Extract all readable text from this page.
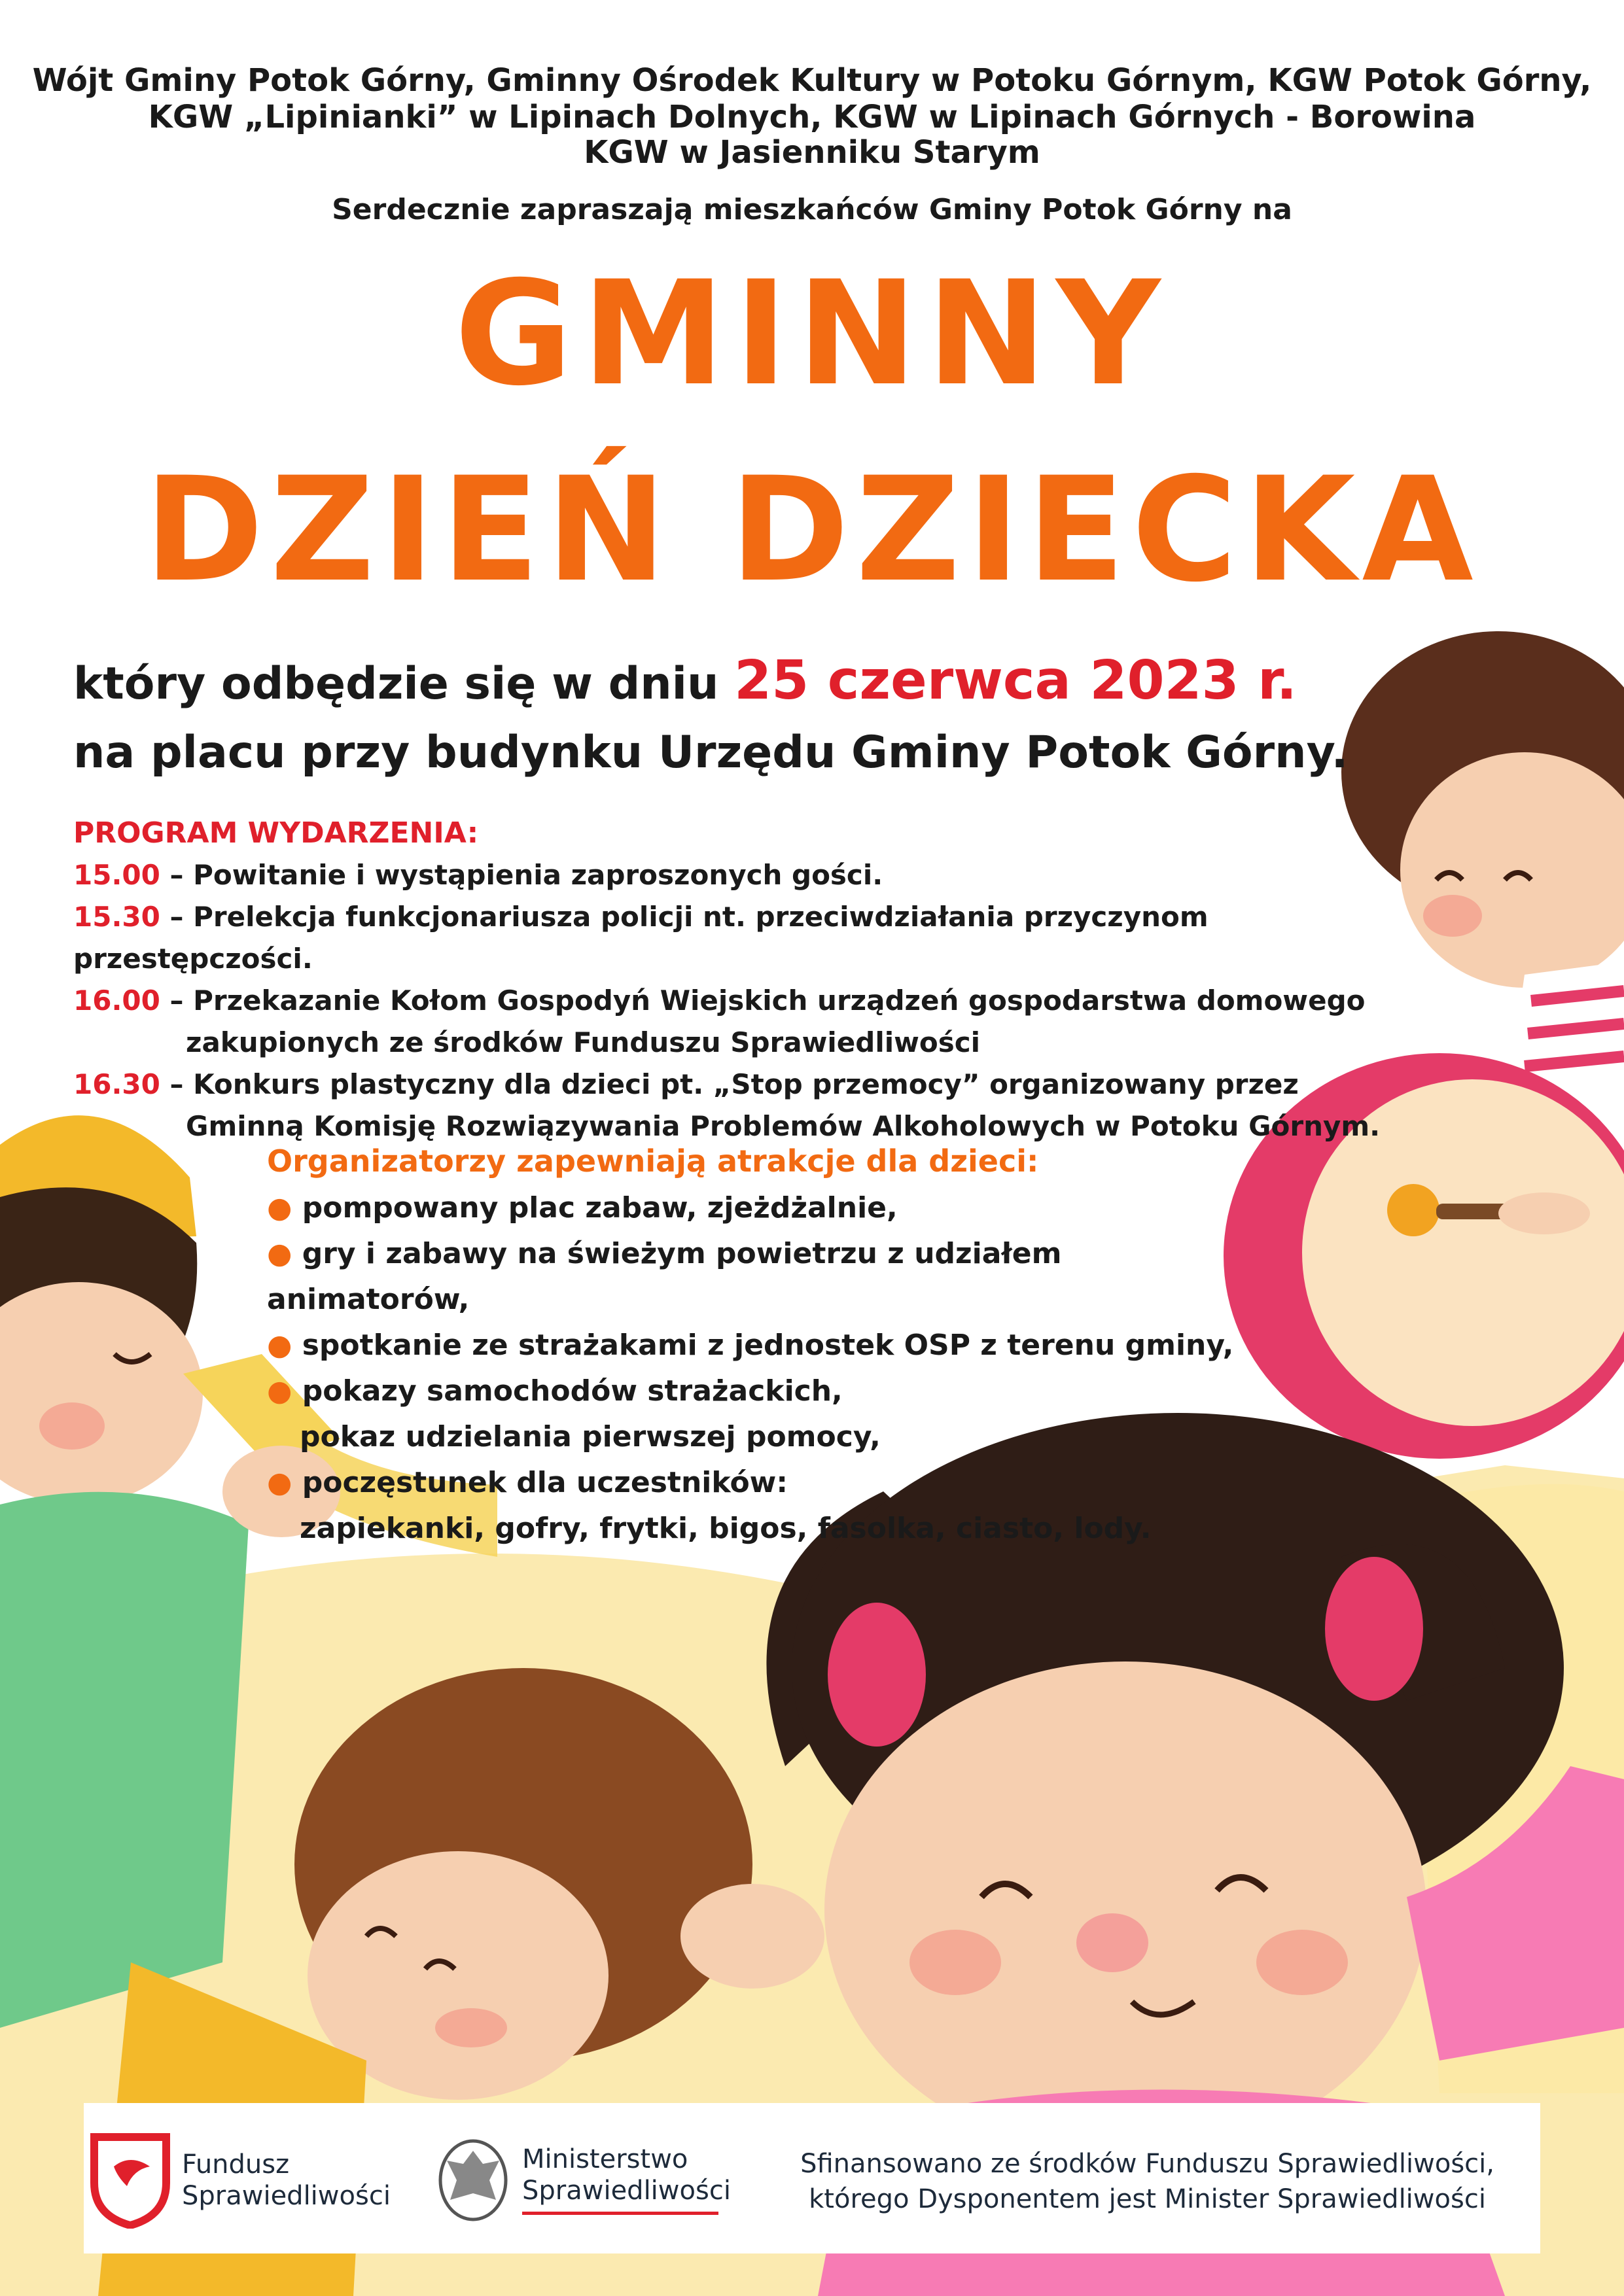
Wójt Gminy Potok Górny, Gminny Ośrodek Kultury w Potoku Górnym, KGW Potok Górny,
KGW „Lipinianki” w Lipinach Dolnych, KGW w Lipinach Górnych - Borowina
KGW w Jasienniku Starym
Serdecznie zapraszają mieszkańców Gminy Potok Górny na
GMINNY
DZIEŃ DZIECKA
który odbędzie się w dniu 25 czerwca 2023 r.
na placu przy budynku Urzędu Gminy Potok Górny.
PROGRAM WYDARZENIA:
15.00 – Powitanie i wystąpienia zaproszonych gości.
15.30 – Prelekcja funkcjonariusza policji nt. przeciwdziałania przyczynom przestępczości.
16.00 – Przekazanie Kołom Gospodyń Wiejskich urządzeń gospodarstwa domowego
zakupionych ze środków Funduszu Sprawiedliwości
16.30 – Konkurs plastyczny dla dzieci pt. „Stop przemocy” organizowany przez
Gminną Komisję Rozwiązywania Problemów Alkoholowych w Potoku Górnym.
Organizatorzy zapewniają atrakcje dla dzieci:
● pompowany plac zabaw, zjeżdżalnie,
● gry i zabawy na świeżym powietrzu z udziałem animatorów,
● spotkanie ze strażakami z jednostek OSP z terenu gminy,
● pokazy samochodów strażackich,
pokaz udzielania pierwszej pomocy,
● poczęstunek dla uczestników:
zapiekanki, gofry, frytki, bigos, fasolka, ciasto, lody.
Fundusz
Sprawiedliwości
Ministerstwo
Sprawiedliwości
Sfinansowano ze środków Funduszu Sprawiedliwości,
którego Dysponentem jest Minister Sprawiedliwości
